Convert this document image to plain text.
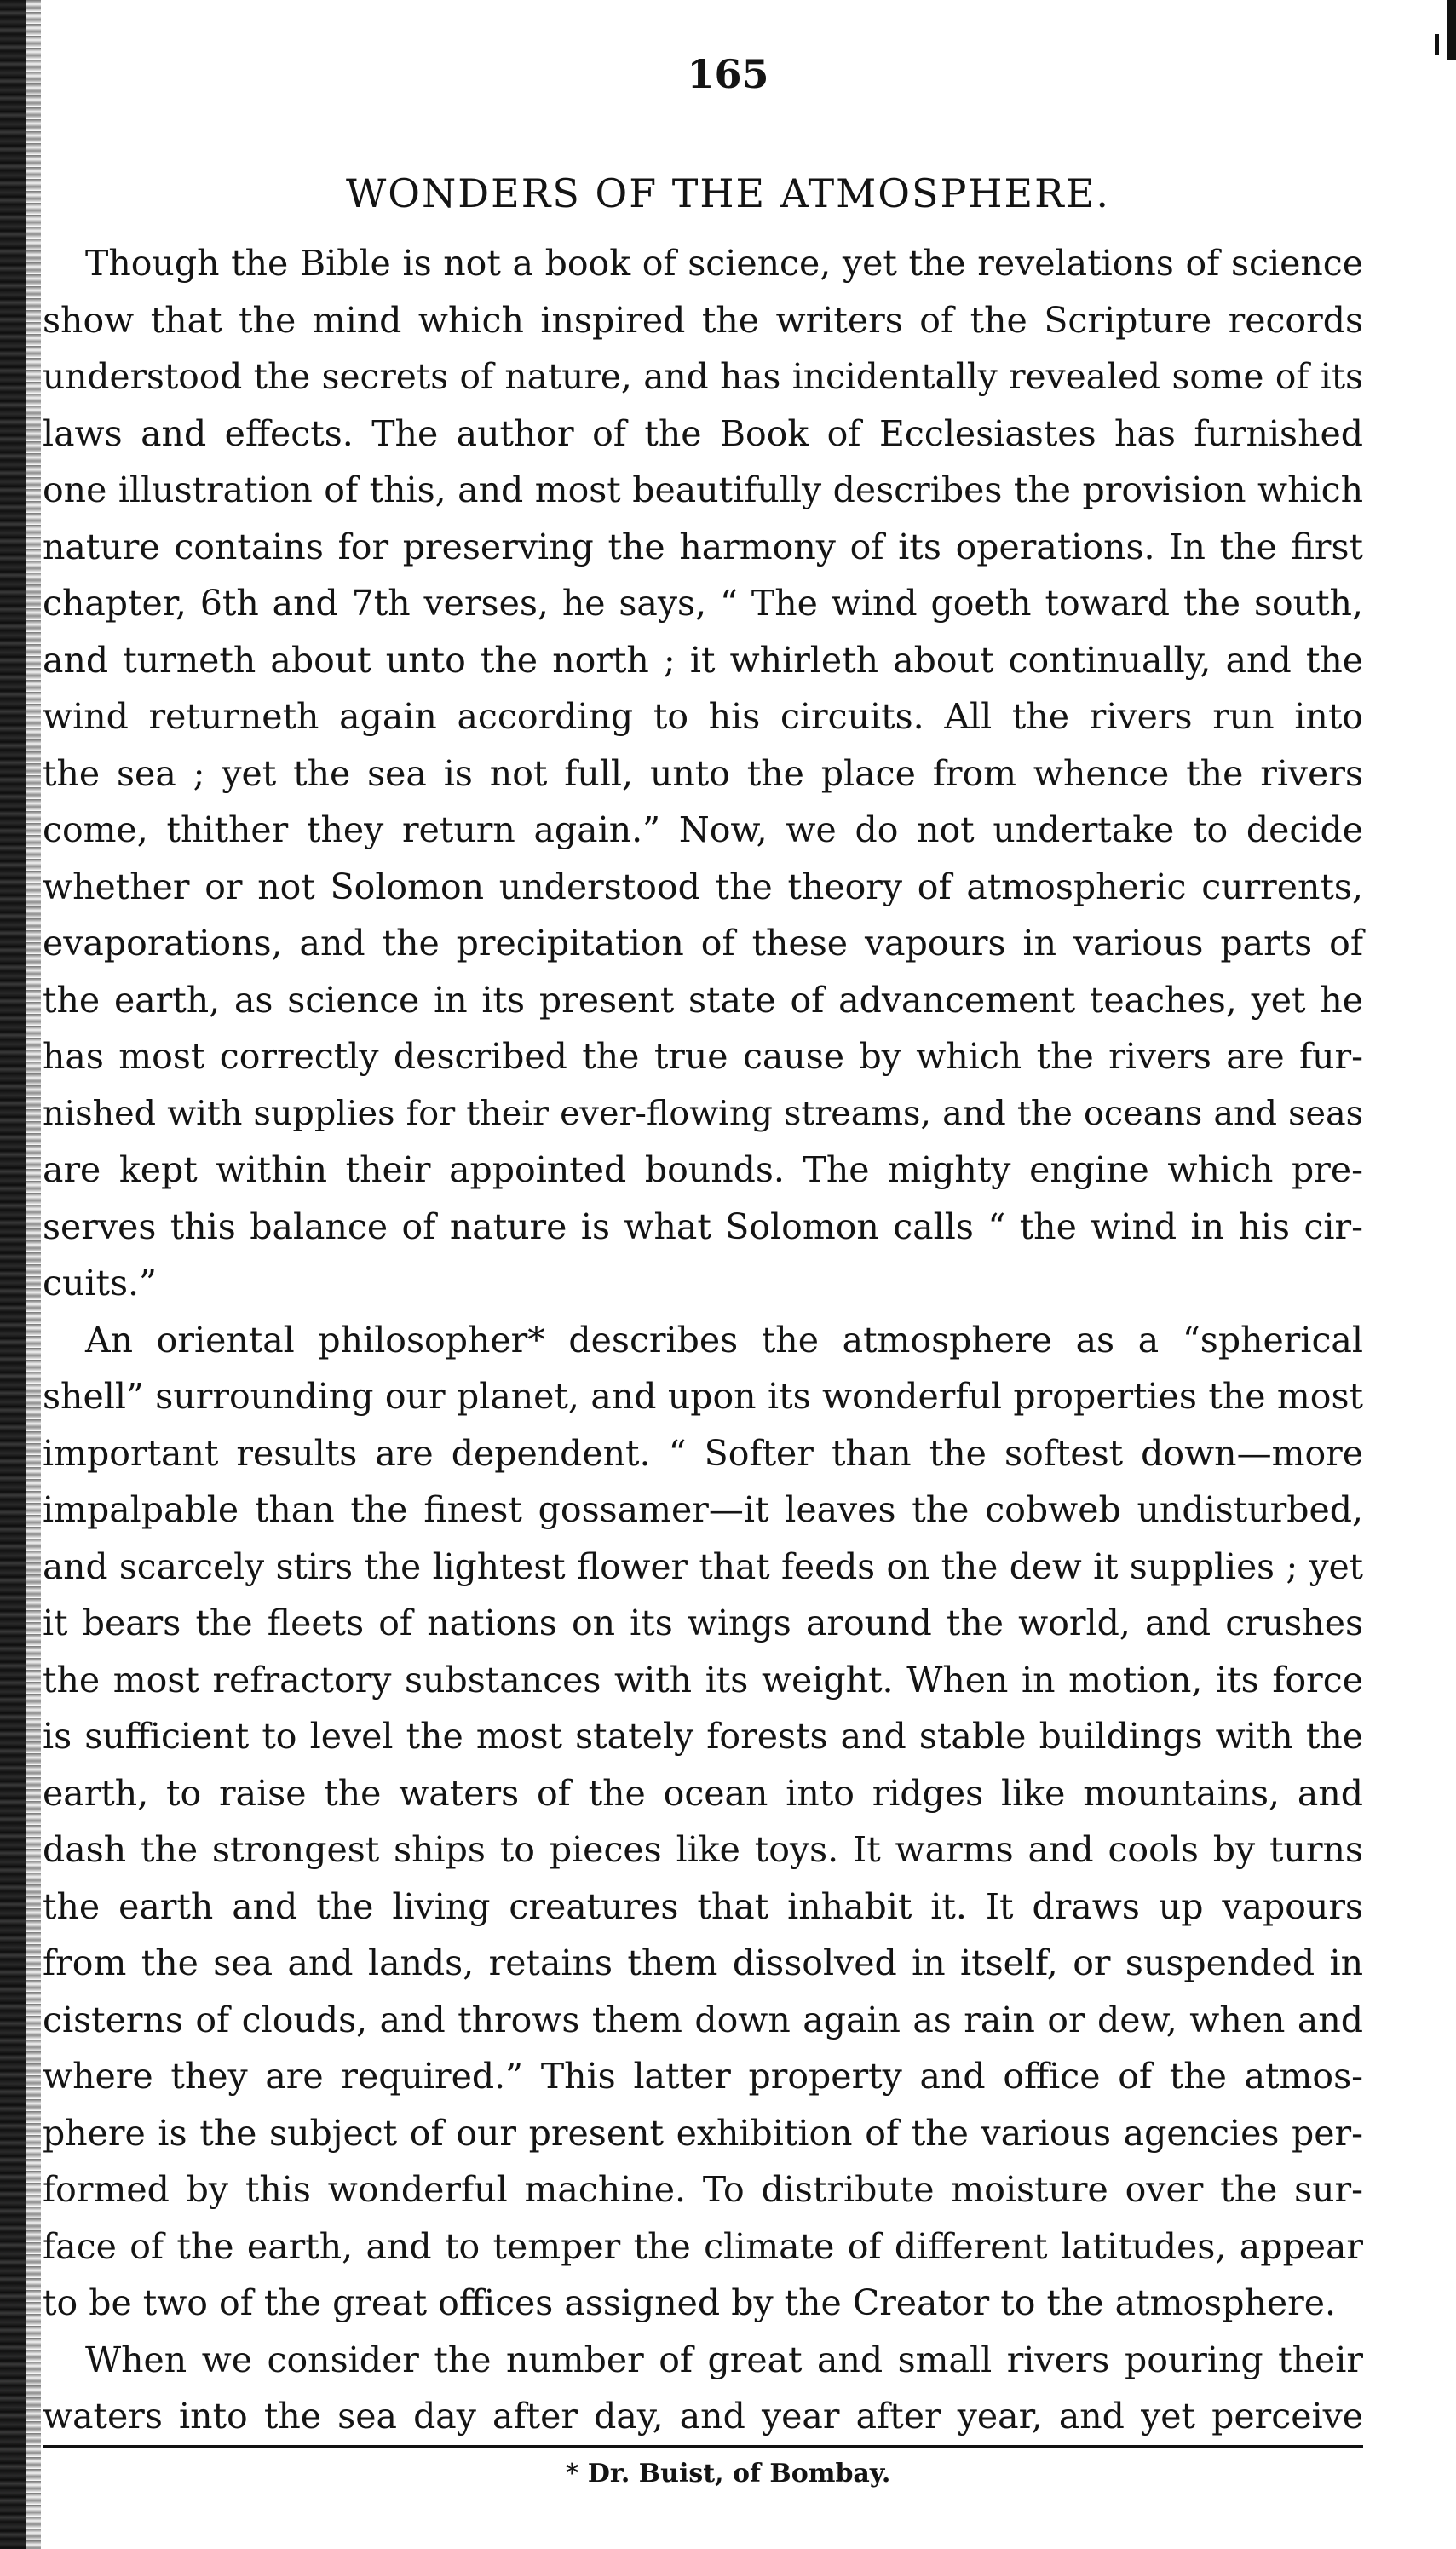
165
WONDERS OF THE ATMOSPHERE.
Though the Bible is not a book of science, yet the revelations of science
show that the mind which inspired the writers of the Scripture records
understood the secrets of nature, and has incidentally revealed some of its
laws and effects. The author of the Book of Ecclesiastes has furnished
one illustration of this, and most beautifully describes the provision which
nature contains for preserving the harmony of its operations. In the first
chapter, 6th and 7th verses, he says, “ The wind goeth toward the south,
and turneth about unto the north ; it whirleth about continually, and the
wind returneth again according to his circuits. All the rivers run into
the sea ; yet the sea is not full, unto the place from whence the rivers
come, thither they return again.” Now, we do not undertake to decide
whether or not Solomon understood the theory of atmospheric currents,
evaporations, and the precipitation of these vapours in various parts of
the earth, as science in its present state of advancement teaches, yet he
has most correctly described the true cause by which the rivers are fur-
nished with supplies for their ever-flowing streams, and the oceans and seas
are kept within their appointed bounds. The mighty engine which pre-
serves this balance of nature is what Solomon calls “ the wind in his cir-
cuits.”
An oriental philosopher* describes the atmosphere as a “spherical
shell” surrounding our planet, and upon its wonderful properties the most
important results are dependent. “ Softer than the softest down—more
impalpable than the finest gossamer—it leaves the cobweb undisturbed,
and scarcely stirs the lightest flower that feeds on the dew it supplies ; yet
it bears the fleets of nations on its wings around the world, and crushes
the most refractory substances with its weight. When in motion, its force
is sufficient to level the most stately forests and stable buildings with the
earth, to raise the waters of the ocean into ridges like mountains, and
dash the strongest ships to pieces like toys. It warms and cools by turns
the earth and the living creatures that inhabit it. It draws up vapours
from the sea and lands, retains them dissolved in itself, or suspended in
cisterns of clouds, and throws them down again as rain or dew, when and
where they are required.” This latter property and office of the atmos-
phere is the subject of our present exhibition of the various agencies per-
formed by this wonderful machine. To distribute moisture over the sur-
face of the earth, and to temper the climate of different latitudes, appear
to be two of the great offices assigned by the Creator to the atmosphere.
When we consider the number of great and small rivers pouring their
waters into the sea day after day, and year after year, and yet perceive
* Dr. Buist, of Bombay.
